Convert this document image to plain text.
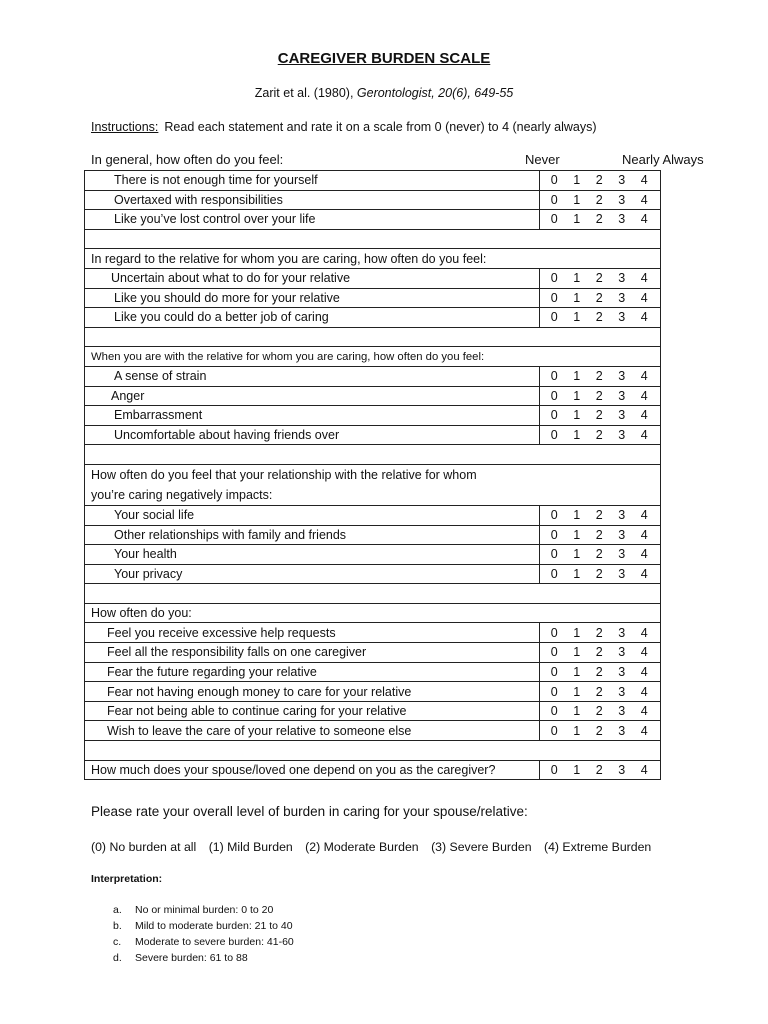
CAREGIVER BURDEN SCALE
Zarit et al. (1980), Gerontologist, 20(6), 649-55
Instructions: Read each statement and rate it on a scale from 0 (never) to 4 (nearly always)
In general, how often do you feel:	Never	Nearly Always
There is not enough time for yourself	0 1 2 3 4

Overtaxed with responsibilities	0 1 2 3 4

Like you’ve lost control over your life	0 1 2 3 4

In regard to the relative for whom you are caring, how often do you feel:	
Uncertain about what to do for your relative	0 1 2 3 4

Like you should do more for your relative	0 1 2 3 4

Like you could do a better job of caring	0 1 2 3 4

When you are with the relative for whom you are caring, how often do you feel:	
A sense of strain	0 1 2 3 4

Anger	0 1 2 3 4

Embarrassment	0 1 2 3 4

Uncomfortable about having friends over	0 1 2 3 4

How often do you feel that your relationship with the relative for whom
you’re caring negatively impacts:	

Your social life	0 1 2 3 4

Other relationships with family and friends	0 1 2 3 4

Your health	0 1 2 3 4

Your privacy	0 1 2 3 4

How often do you:	
Feel you receive excessive help requests	0 1 2 3 4

Feel all the responsibility falls on one caregiver	0 1 2 3 4

Fear the future regarding your relative	0 1 2 3 4

Fear not having enough money to care for your relative	0 1 2 3 4

Fear not being able to continue caring for your relative	0 1 2 3 4

Wish to leave the care of your relative to someone else	0 1 2 3 4

How much does your spouse/loved one depend on you as the caregiver?	0 1 2 3 4
Please rate your overall level of burden in caring for your spouse/relative:
(0) No burden at all (1) Mild Burden (2) Moderate Burden (3) Severe Burden (4) Extreme Burden
Interpretation:
a. No or minimal burden: 0 to 20
b. Mild to moderate burden: 21 to 40
c. Moderate to severe burden: 41-60
d. Severe burden: 61 to 88
